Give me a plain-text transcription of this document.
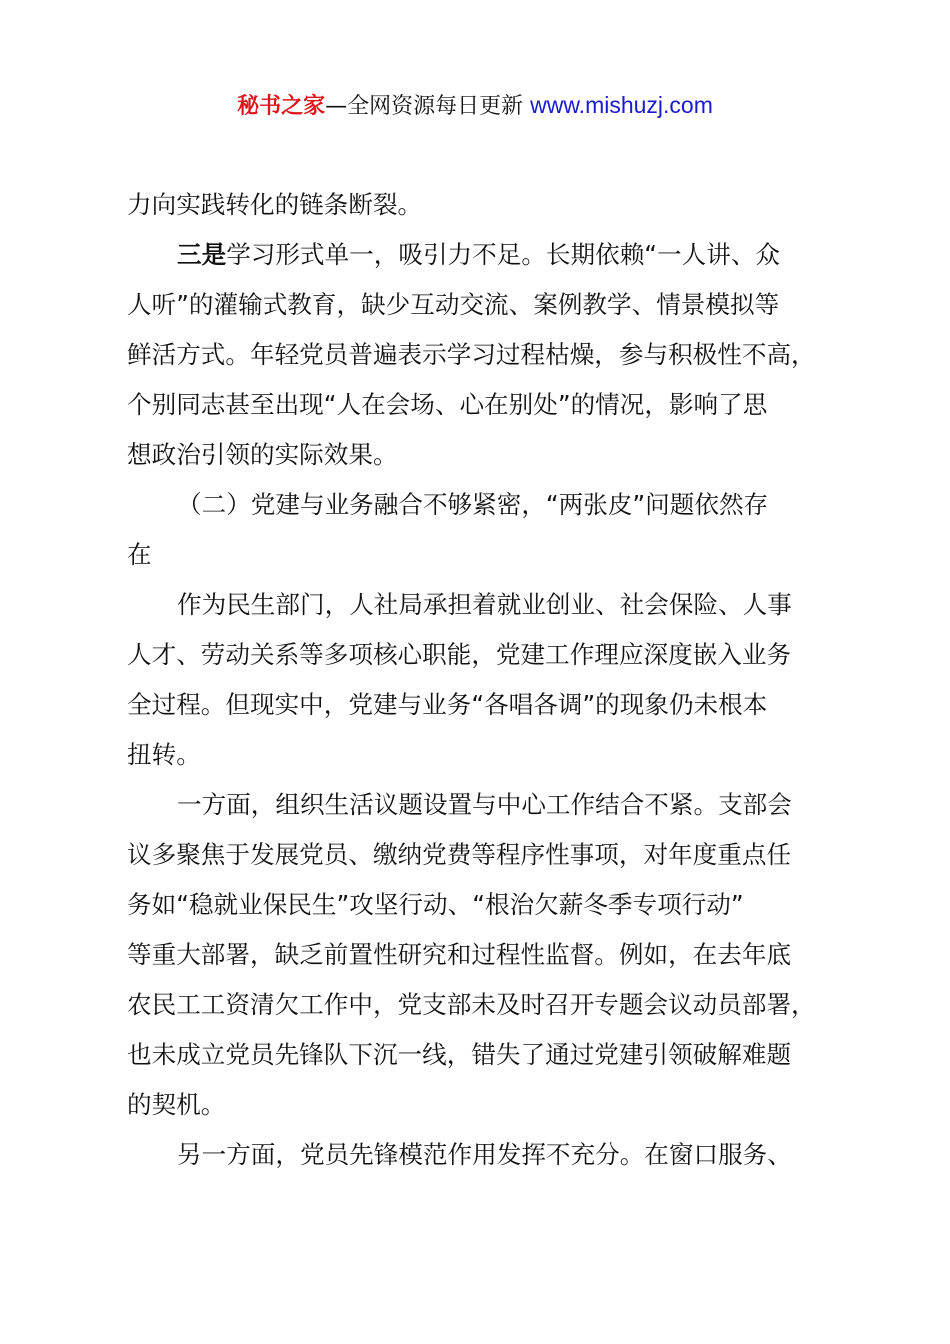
秘书之家—全网资源每日更新 www.mishuzj.com
力向实践转化的链条断裂。
三是学习形式单一，吸引力不足。长期依赖“一人讲、众
人听”的灌输式教育，缺少互动交流、案例教学、情景模拟等
鲜活方式。年轻党员普遍表示学习过程枯燥，参与积极性不高，
个别同志甚至出现“人在会场、心在别处”的情况，影响了思
想政治引领的实际效果。
（二）党建与业务融合不够紧密，“两张皮”问题依然存
在
作为民生部门，人社局承担着就业创业、社会保险、人事
人才、劳动关系等多项核心职能，党建工作理应深度嵌入业务
全过程。但现实中，党建与业务“各唱各调”的现象仍未根本
扭转。
一方面，组织生活议题设置与中心工作结合不紧。支部会
议多聚焦于发展党员、缴纳党费等程序性事项，对年度重点任
务如“稳就业保民生”攻坚行动、“根治欠薪冬季专项行动”
等重大部署，缺乏前置性研究和过程性监督。例如，在去年底
农民工工资清欠工作中，党支部未及时召开专题会议动员部署，
也未成立党员先锋队下沉一线，错失了通过党建引领破解难题
的契机。
另一方面，党员先锋模范作用发挥不充分。在窗口服务、
